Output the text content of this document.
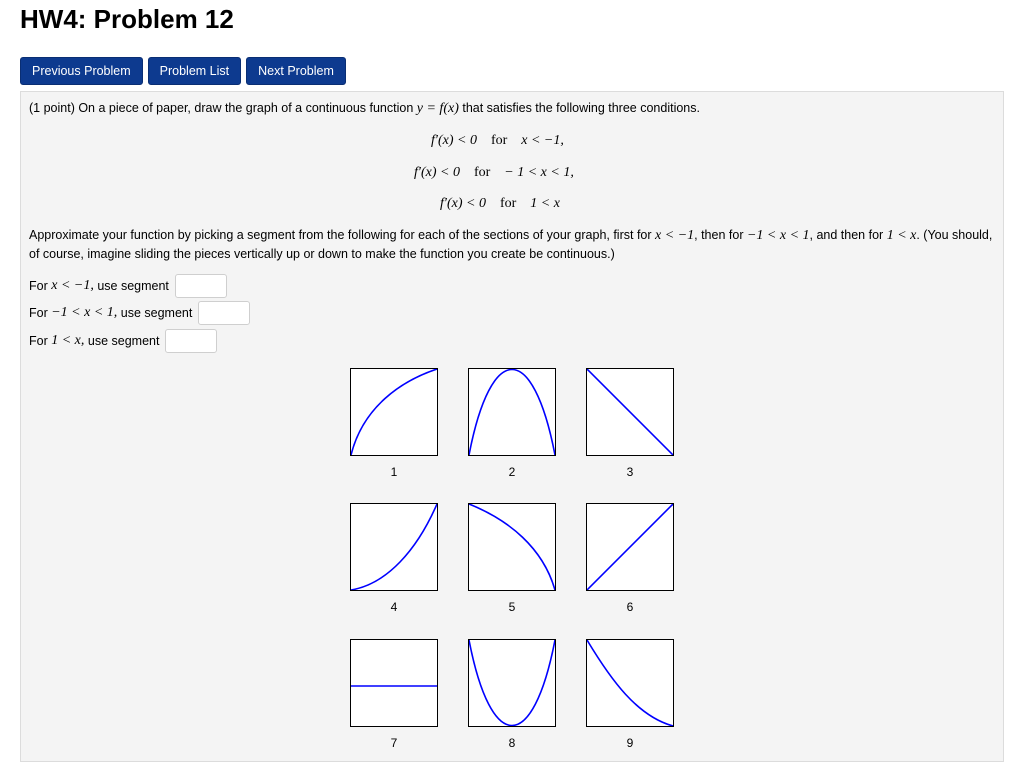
HW4: Problem 12
Previous Problem	Problem List	Next Problem
(1 point) On a piece of paper, draw the graph of a continuous function y = f(x) that satisfies the following three conditions.
f′(x) < 0 for x < −1,
f′(x) < 0 for − 1 < x < 1,
f′(x) < 0 for 1 < x
Approximate your function by picking a segment from the following for each of the sections of your graph, first for x < −1, then for −1 < x < 1, and then for 1 < x. (You should, of course, imagine sliding the pieces vertically up or down to make the function you create be continuous.)
For
x < −1,
use segment
For
−1 < x < 1,
use segment
For
1 < x,
use segment
1	2	3
4	5	6
7	8	9
